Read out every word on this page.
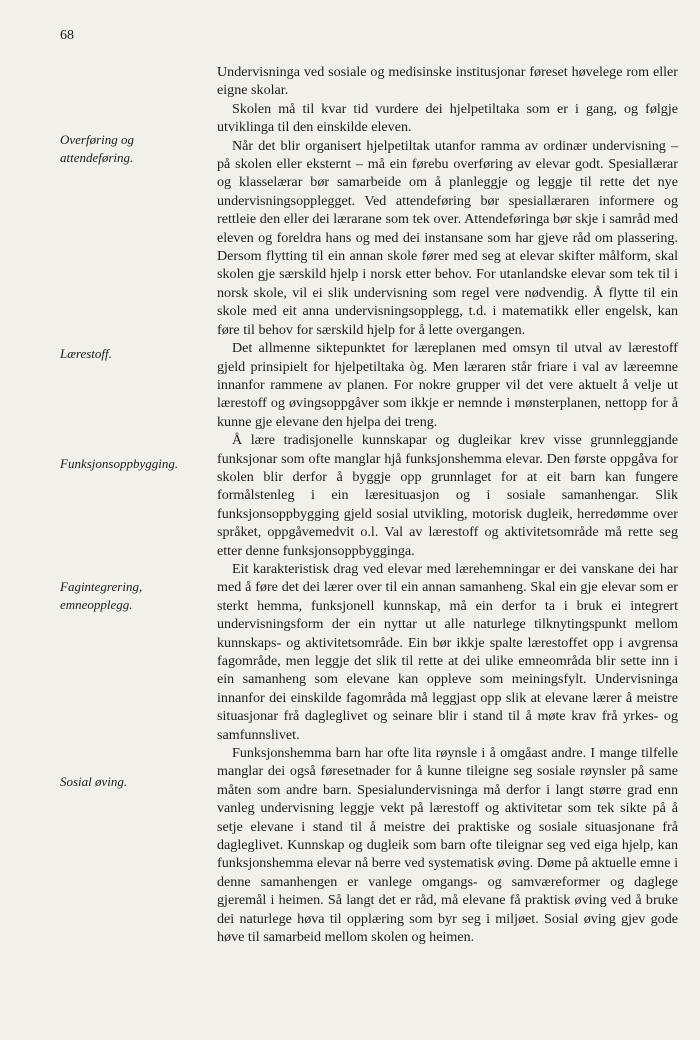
68
Overføring og attendeføring.
Lærestoff.
Funksjonsoppbygging.
Fagintegrering, emneopplegg.
Sosial øving.

Undervisninga ved sosiale og medisinske institusjonar føreset høvelege rom eller eigne skolar.

Skolen må til kvar tid vurdere dei hjelpetiltaka som er i gang, og følgje utviklinga til den einskilde eleven.

Når det blir organisert hjelpetiltak utanfor ramma av ordinær undervisning – på skolen eller eksternt – må ein førebu overføring av elevar godt. Spesiallærar og klasselærar bør samarbeide om å planleggje og leggje til rette det nye undervisningsopplegget. Ved attendeføring bør spesiallæraren informere og rettleie den eller dei lærarane som tek over. Attendeføringa bør skje i samråd med eleven og foreldra hans og med dei instansane som har gjeve råd om plassering. Dersom flytting til ein annan skole fører med seg at elevar skifter målform, skal skolen gje særskild hjelp i norsk etter behov. For utanlandske elevar som tek til i norsk skole, vil ei slik undervisning som regel vere nødvendig. Å flytte til ein skole med eit anna undervisningsopplegg, t.d. i matematikk eller engelsk, kan føre til behov for særskild hjelp for å lette overgangen.

Det allmenne siktepunktet for læreplanen med omsyn til utval av lærestoff gjeld prinsipielt for hjelpetiltaka òg. Men læraren står friare i val av læreemne innanfor rammene av planen. For nokre grupper vil det vere aktuelt å velje ut lærestoff og øvingsoppgåver som ikkje er nemnde i mønsterplanen, nettopp for å kunne gje elevane den hjelpa dei treng.

Å lære tradisjonelle kunnskapar og dugleikar krev visse grunnleggjande funksjonar som ofte manglar hjå funksjonshemma elevar. Den første oppgåva for skolen blir derfor å byggje opp grunnlaget for at eit barn kan fungere formålstenleg i ein læresituasjon og i sosiale samanhengar. Slik funksjonsoppbygging gjeld sosial utvikling, motorisk dugleik, herredømme over språket, oppgåvemedvit o.l. Val av lærestoff og aktivitetsområde må rette seg etter denne funksjonsoppbygginga.

Eit karakteristisk drag ved elevar med lærehemningar er dei vanskane dei har med å føre det dei lærer over til ein annan samanheng. Skal ein gje elevar som er sterkt hemma, funksjonell kunnskap, må ein derfor ta i bruk ei integrert undervisningsform der ein nyttar ut alle naturlege tilknytingspunkt mellom kunnskaps- og aktivitetsområde. Ein bør ikkje spalte lærestoffet opp i avgrensa fagområde, men leggje det slik til rette at dei ulike emneområda blir sette inn i ein samanheng som elevane kan oppleve som meiningsfylt. Undervisninga innanfor dei einskilde fagområda må leggjast opp slik at elevane lærer å meistre situasjonar frå dagleglivet og seinare blir i stand til å møte krav frå yrkes- og samfunnslivet.

Funksjonshemma barn har ofte lita røynsle i å omgåast andre. I mange tilfelle manglar dei også føresetnader for å kunne tileigne seg sosiale røynsler på same måten som andre barn. Spesialundervisninga må derfor i langt større grad enn vanleg undervisning leggje vekt på lærestoff og aktivitetar som tek sikte på å setje elevane i stand til å meistre dei praktiske og sosiale situasjonane frå dagleglivet. Kunnskap og dugleik som barn ofte tileignar seg ved eiga hjelp, kan funksjonshemma elevar nå berre ved systematisk øving. Døme på aktuelle emne i denne samanhengen er vanlege omgangs- og samværeformer og daglege gjeremål i heimen. Så langt det er råd, må elevane få praktisk øving ved å bruke dei naturlege høva til opplæring som byr seg i miljøet. Sosial øving gjev gode høve til samarbeid mellom skolen og heimen.
